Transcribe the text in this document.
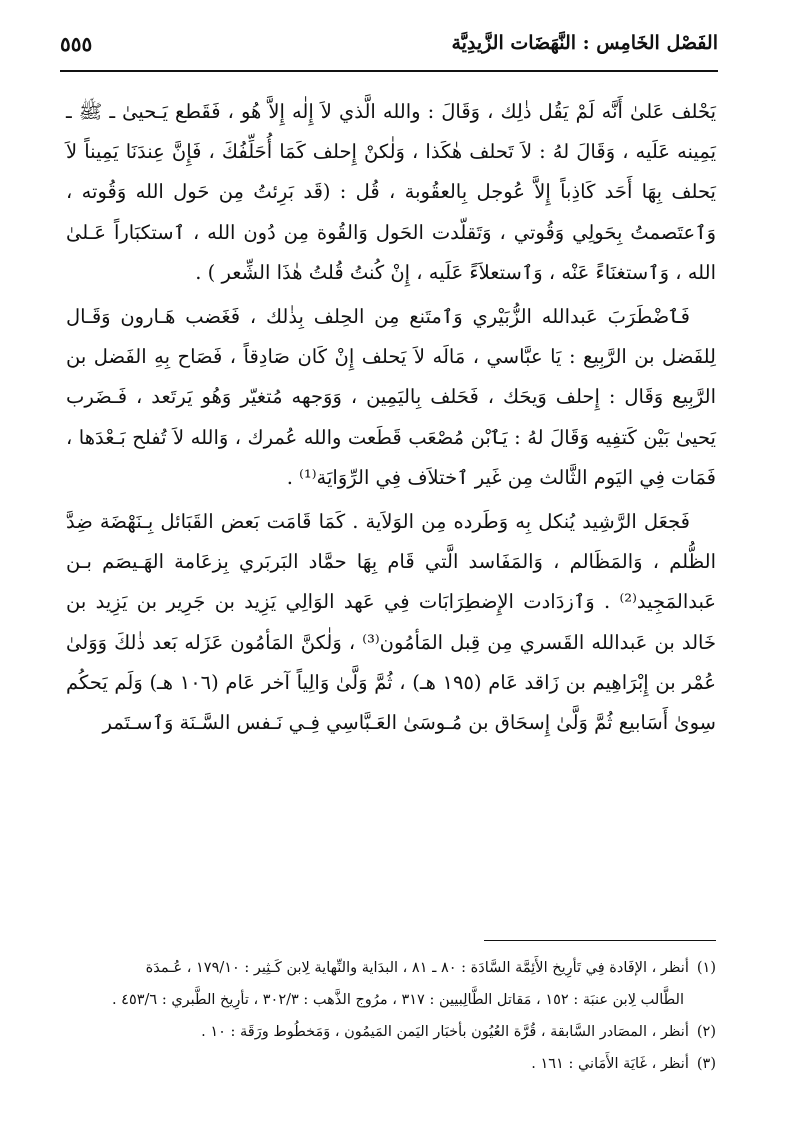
الفَصْل الخَامِس : النَّهَضَات الزَّيدِيَّة
٥٥٥

يَحْلف عَلىٰ أَنَّه لَمْ يَقُل ذٰلِك ، وَقَالَ : والله الَّذي لاَ إِلٰه إِلاَّ هُو ، فَقَطع يَـحيىٰ ـ ﷺ ـ يَمِينه عَلَيه ، وَقَالَ لهُ : لاَ تَحلف هٰكَذا ، وَلٰكنْ إِحلف كَمَا أُحَلِّفُكَ ، فَإِنَّ عِندَنَا يَمِيناً لاَ يَحلف بِهَا أَحَد كَاذِباً إِلاَّ عُوجل بِالعقُوبة ، قُل : (قَد بَرِئتُ مِن حَول الله وَقُوته ، وَٱعتَصمتُ بِحَولِي وَقُوتي ، وَتَقلّدت الحَول وَالقُوة مِن دُون الله ، ٱستكبَاراً عَـلىٰ الله ، وَٱستغنَاءً عَنْه ، وَٱستعلاَءً عَلَيه ، إِنْ كُنتُ قُلتُ هٰذَا الشِّعر ) .

فَٱضْطَرَبَ عَبدالله الزُّبَيْري وَٱمتَنع مِن الحِلف بِذٰلك ، فَغَضب هَـارون وَقَـال لِلفَضل بن الرَّبِيع : يَا عبَّاسي ، مَالَه لاَ يَحلف إِنْ كَان صَادِقاً ، فَصَاح بِهِ الفَضل بن الرَّبِيع وَقَال : إِحلف وَيحَك ، فَحَلف بِاليَمِين ، وَوَجهه مُتغيّر وَهُو يَرتَعد ، فَـضَرب يَحيىٰ بَيْن كَتفِيه وَقَالَ لهُ : يَٱبْن مُصْعَب قَطَعت والله عُمرك ، وَالله لاَ تُفلح بَـعْدَها ، فَمَات فِي اليَوم الثَّالث مِن غَير ٱختلاَف فِي الرِّوَايَة⁽¹⁾ .

فَجعَل الرَّشِيد يُنكل بِه وَطَرده مِن الوَلاَية . كَمَا قَامَت بَعض القَبَائل بِـنَهْضَة ضِدَّ الظُّلم ، وَالمَظَالم ، وَالمَفَاسد الَّتي قَام بِهَا حمَّاد البَربَري بِزعَامة الهَـيصَم بـن عَبدالمَجِيد⁽²⁾ . وَٱزدَادت الإِضطِرَابَات فِي عَهد الوَالِي يَزِيد بن جَرِير بن يَزِيد بن خَالد بن عَبدالله القَسري مِن قِبل المَأمُون⁽³⁾ ، وَلٰكنَّ المَأمُون عَزَله بَعد ذٰلكَ وَوَلىٰ عُمْر بن إِبْرَاهِيم بن زَاقد عَام (١٩٥ هـ) ، ثُمَّ وَلَّىٰ وَالِياً آخر عَام (١٠٦ هـ) وَلَم يَحكُم سِوىٰ أَسَابيع ثُمَّ وَلَّىٰ إِسحَاق بن مُـوسَىٰ العَـبَّاسِي فِـي نَـفس السَّـنَة وَٱسـتَمر

(١)أنظر ، الإفَادة فِي تَأرِيخ الأَئِمَّة السَّادَة : ٨٠ ـ ٨١ ، البدَاية والنِّهاية لِابن كَـثِير : ١٧٩/١٠ ، عُـمدَة

الطَّالب لِابن عنبَة : ١٥٢ ، مَقاتل الطَّالِبيين : ٣١٧ ، مرُوج الذَّهب : ٣٠٢/٣ ، تأرِيخ الطَّبري : ٤٥٣/٦ .

(٢)أنظر ، المصَادر السَّابقة ، قُرَّة العُيُون بأخبَار اليَمن المَيمُون ، وَمَخطُوط ورَقَة : ١٠ .

(٣)أنظر ، غَايَة الأَمَاني : ١٦١ .
